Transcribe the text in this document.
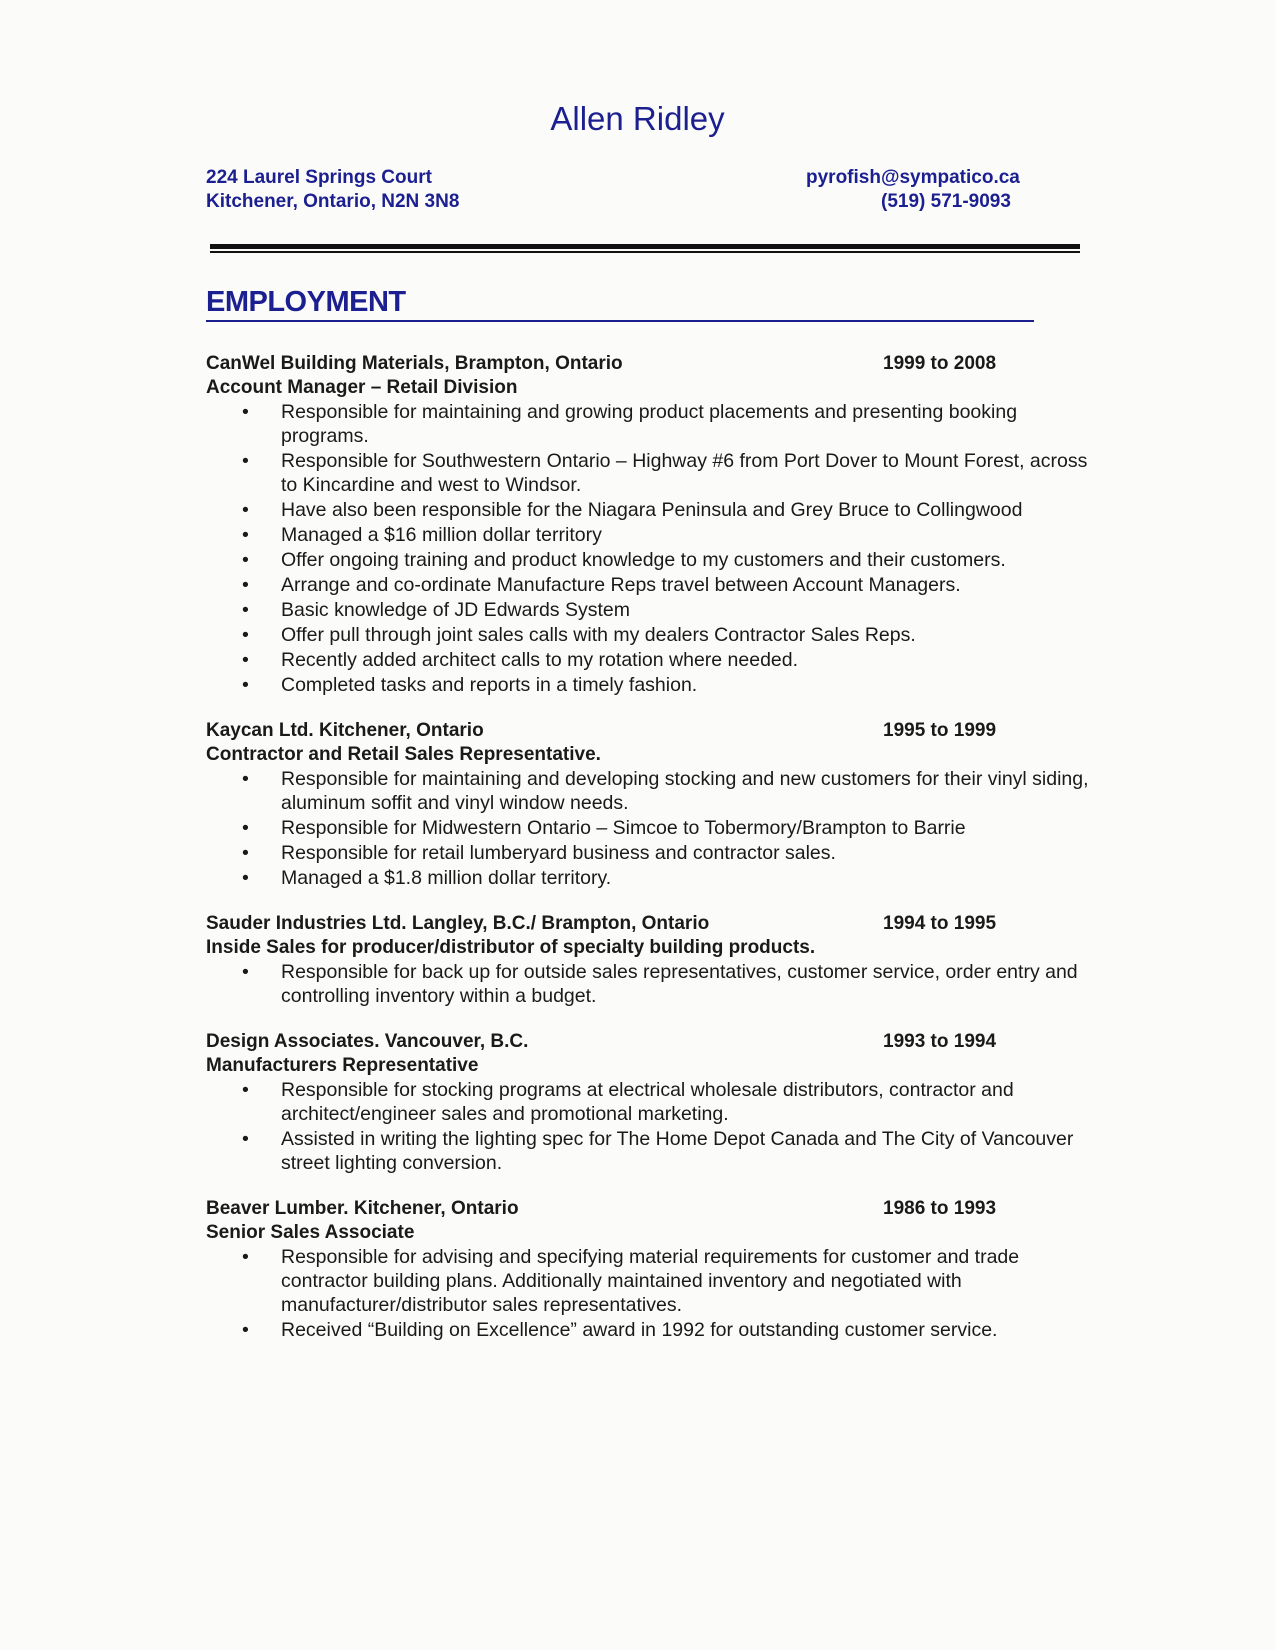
Allen Ridley
224 Laurel Springs Court
Kitchener, Ontario, N2N 3N8
pyrofish@sympatico.ca
(519) 571-9093
EMPLOYMENT
CanWel Building Materials, Brampton, Ontario	1999 to 2008
Account Manager – Retail Division
• Responsible for maintaining and growing product placements and presenting booking programs.
• Responsible for Southwestern Ontario – Highway #6 from Port Dover to Mount Forest, across to Kincardine and west to Windsor.
• Have also been responsible for the Niagara Peninsula and Grey Bruce to Collingwood
• Managed a $16 million dollar territory
• Offer ongoing training and product knowledge to my customers and their customers.
• Arrange and co-ordinate Manufacture Reps travel between Account Managers.
• Basic knowledge of JD Edwards System
• Offer pull through joint sales calls with my dealers Contractor Sales Reps.
• Recently added architect calls to my rotation where needed.
• Completed tasks and reports in a timely fashion.
Kaycan Ltd. Kitchener, Ontario	1995 to 1999
Contractor and Retail Sales Representative.
• Responsible for maintaining and developing stocking and new customers for their vinyl siding, aluminum soffit and vinyl window needs.
• Responsible for Midwestern Ontario – Simcoe to Tobermory/Brampton to Barrie
• Responsible for retail lumberyard business and contractor sales.
• Managed a $1.8 million dollar territory.
Sauder Industries Ltd. Langley, B.C./ Brampton, Ontario	1994 to 1995
Inside Sales for producer/distributor of specialty building products.
• Responsible for back up for outside sales representatives, customer service, order entry and controlling inventory within a budget.
Design Associates. Vancouver, B.C.	1993 to 1994
Manufacturers Representative
• Responsible for stocking programs at electrical wholesale distributors, contractor and architect/engineer sales and promotional marketing.
• Assisted in writing the lighting spec for The Home Depot Canada and The City of Vancouver street lighting conversion.
Beaver Lumber. Kitchener, Ontario	1986 to 1993
Senior Sales Associate
• Responsible for advising and specifying material requirements for customer and trade contractor building plans. Additionally maintained inventory and negotiated with manufacturer/distributor sales representatives.
• Received “Building on Excellence” award in 1992 for outstanding customer service.
